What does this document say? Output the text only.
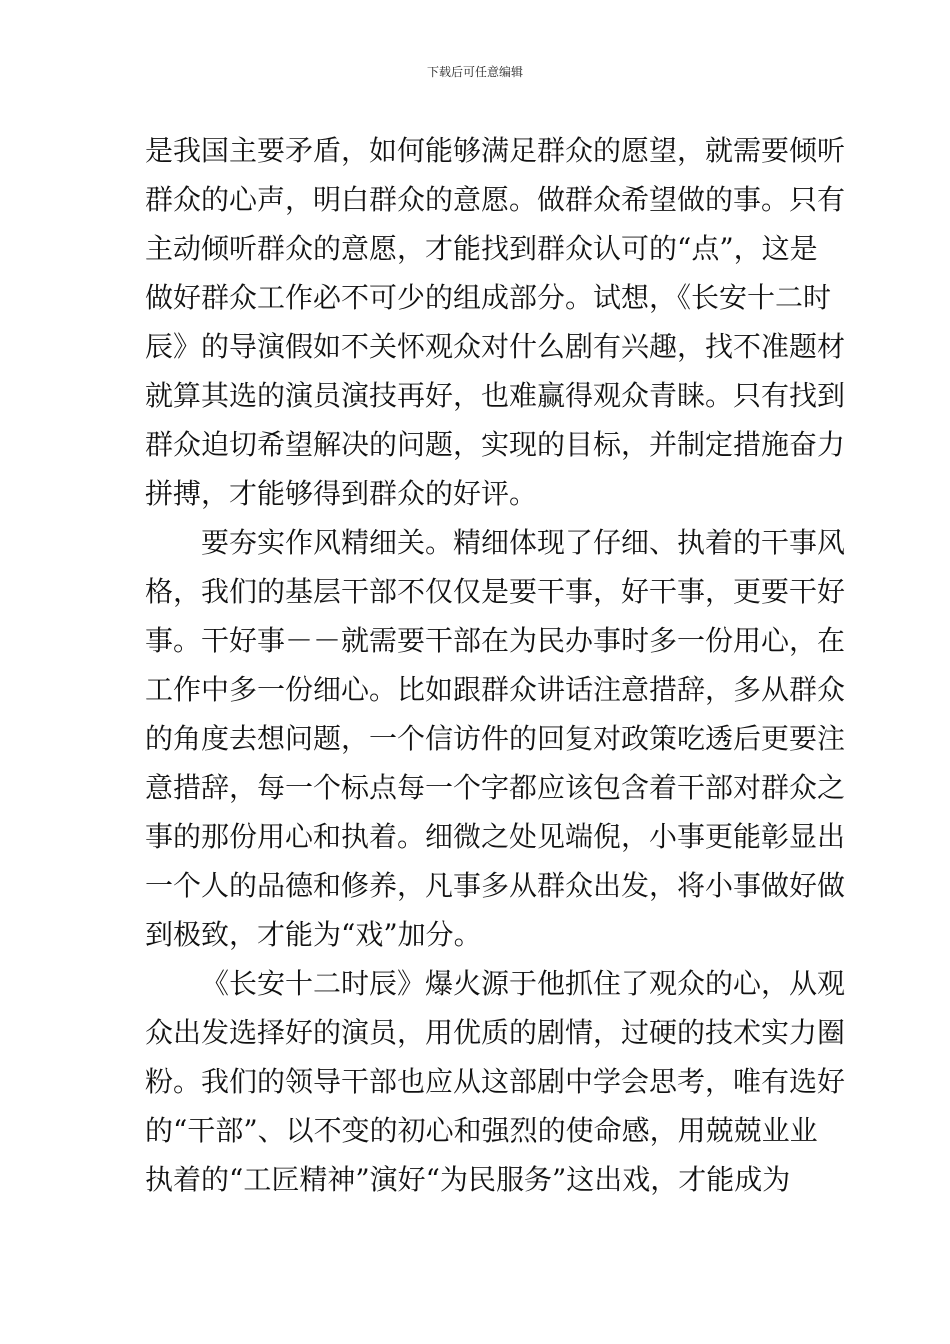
下载后可任意编辑
是我国主要矛盾，如何能够满足群众的愿望，就需要倾听
群众的心声，明白群众的意愿。做群众希望做的事。只有
主动倾听群众的意愿，才能找到群众认可的“点”，这是
做好群众工作必不可少的组成部分。试想，《长安十二时
辰》的导演假如不关怀观众对什么剧有兴趣，找不准题材
就算其选的演员演技再好，也难赢得观众青睐。只有找到
群众迫切希望解决的问题，实现的目标，并制定措施奋力
拼搏，才能够得到群众的好评。
要夯实作风精细关。精细体现了仔细、执着的干事风
格，我们的基层干部不仅仅是要干事，好干事，更要干好
事。干好事－－就需要干部在为民办事时多一份用心，在
工作中多一份细心。比如跟群众讲话注意措辞，多从群众
的角度去想问题，一个信访件的回复对政策吃透后更要注
意措辞，每一个标点每一个字都应该包含着干部对群众之
事的那份用心和执着。细微之处见端倪，小事更能彰显出
一个人的品德和修养，凡事多从群众出发，将小事做好做
到极致，才能为“戏”加分。
《长安十二时辰》爆火源于他抓住了观众的心，从观
众出发选择好的演员，用优质的剧情，过硬的技术实力圈
粉。我们的领导干部也应从这部剧中学会思考，唯有选好
的“干部”、以不变的初心和强烈的使命感，用兢兢业业
执着的“工匠精神”演好“为民服务”这出戏，才能成为
